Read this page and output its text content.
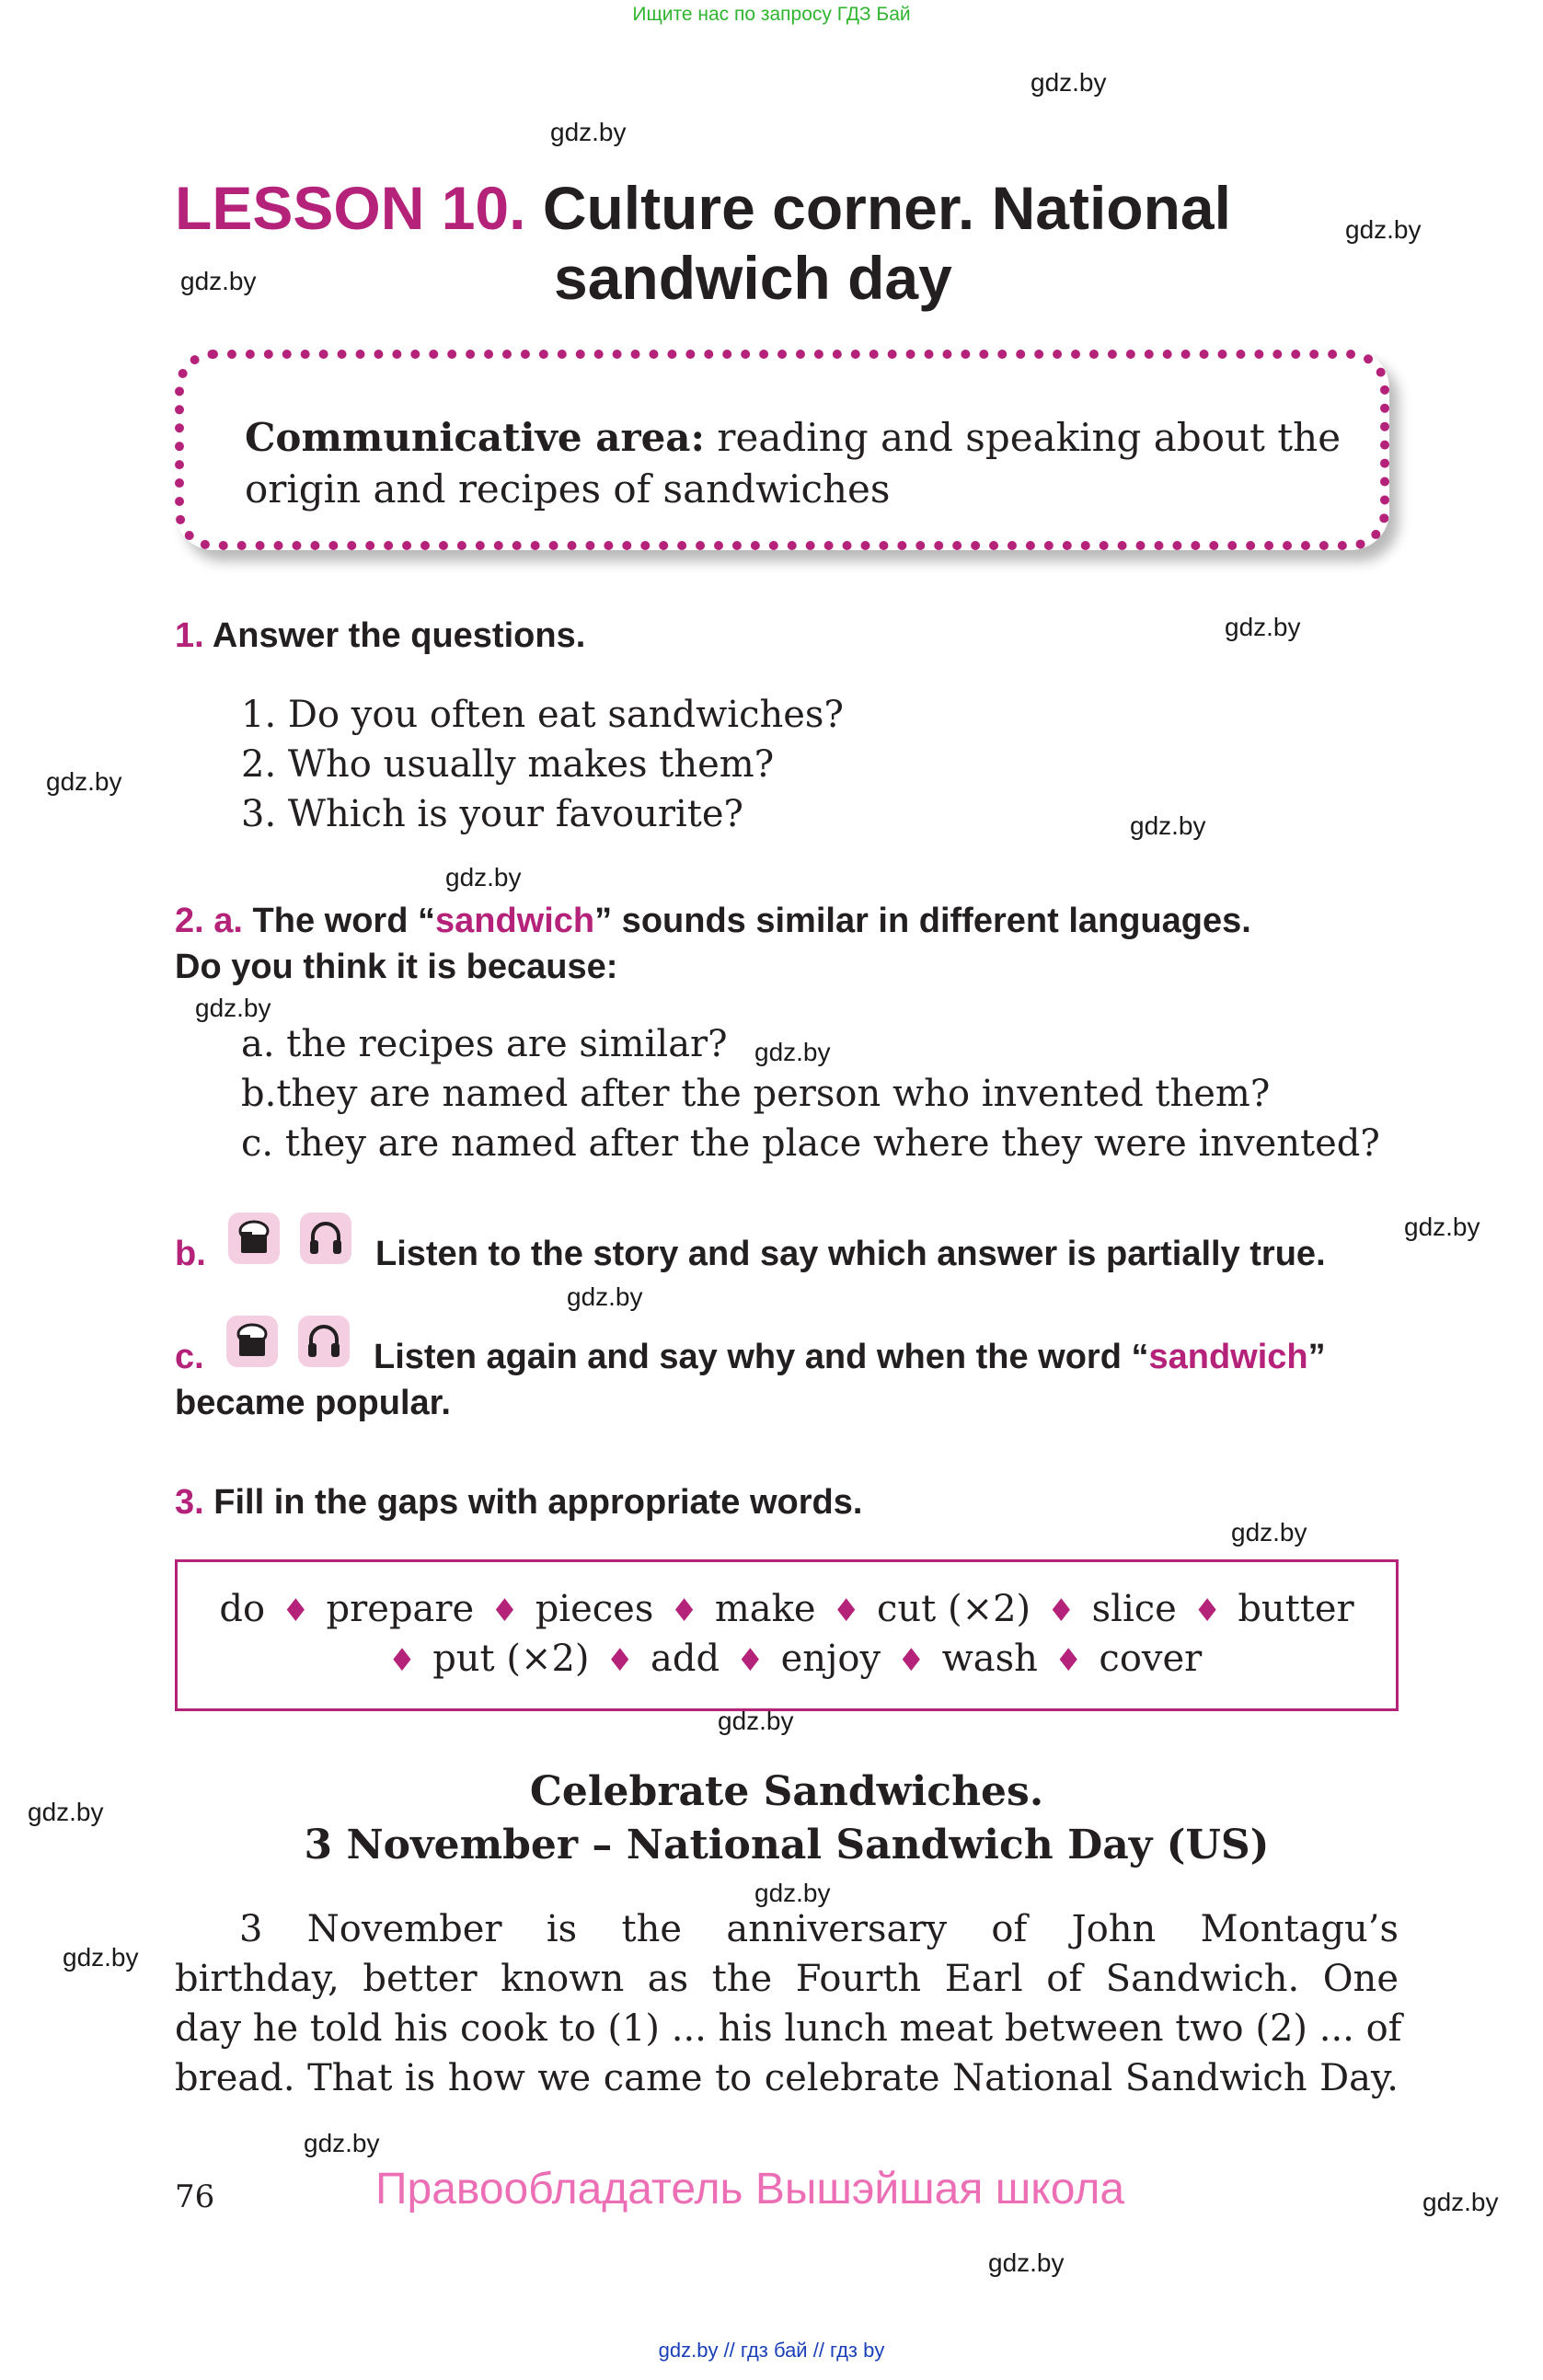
Ищите нас по запросу ГДЗ Бай
gdz.by
gdz.by
gdz.by
gdz.by
gdz.by
gdz.by
gdz.by
gdz.by
gdz.by
gdz.by
gdz.by
gdz.by
gdz.by
gdz.by
gdz.by
gdz.by
gdz.by
gdz.by
gdz.by
gdz.by
LESSON 10. Culture corner. National
sandwich day
Communicative area: reading and speaking about the
origin and recipes of sandwiches
1. Answer the questions.
1. Do you often eat sandwiches?
2. Who usually makes them?
3. Which is your favourite?
2. a. The word “sandwich” sounds similar in different languages.
Do you think it is because:
a. the recipes are similar?
b.they are named after the person who invented them?
c. they are named after the place where they were invented?
b.	Listen to the story and say which answer is partially true.
c.	Listen again and say why and when the word “sandwich”
became popular.
3. Fill in the gaps with appropriate words.
do ♦ prepare ♦ pieces ♦ make ♦ cut (×2) ♦ slice ♦ butter
♦ put (×2) ♦ add ♦ enjoy ♦ wash ♦ cover
Celebrate Sandwiches.
3 November – National Sandwich Day (US)
3 November is the anniversary of John Montagu’s
birthday, better known as the Fourth Earl of Sandwich. One
day he told his cook to (1) ... his lunch meat between two (2) ... of
bread. That is how we came to celebrate National Sandwich Day.
76	Правообладатель Вышэйшая школа
gdz.by // гдз бай // гдз by
